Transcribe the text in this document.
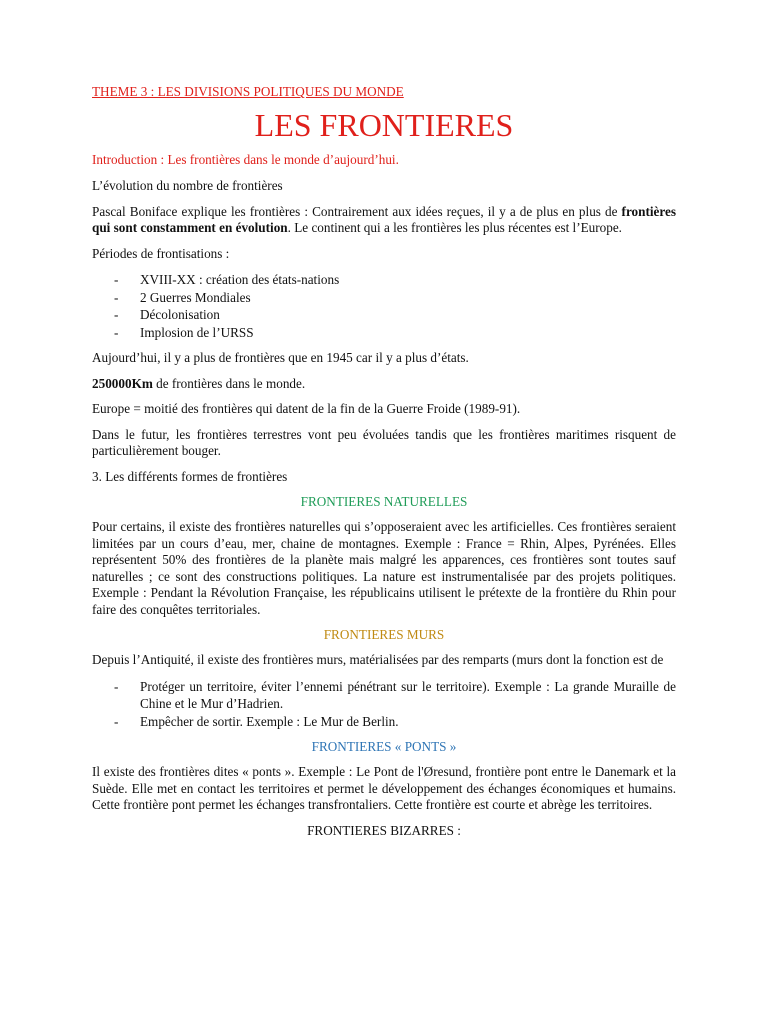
THEME 3 : LES DIVISIONS POLITIQUES DU MONDE
LES FRONTIERES
Introduction : Les frontières dans le monde d’aujourd’hui.

L’évolution du nombre de frontières

Pascal Boniface explique les frontières : Contrairement aux idées reçues, il y a de plus en plus de frontières qui sont constamment en évolution. Le continent qui a les frontières les plus récentes est l’Europe.

Périodes de frontisations :

- XVIII-XX : création des états-nations
- 2 Guerres Mondiales
- Décolonisation
- Implosion de l’URSS

Aujourd’hui, il y a plus de frontières que en 1945 car il y a plus d’états.

250000Km de frontières dans le monde.

Europe = moitié des frontières qui datent de la fin de la Guerre Froide (1989-91).

Dans le futur, les frontières terrestres vont peu évoluées tandis que les frontières maritimes risquent de particulièrement bouger.

3. Les différents formes de frontières

FRONTIERES NATURELLES

Pour certains, il existe des frontières naturelles qui s’opposeraient avec les artificielles. Ces frontières seraient limitées par un cours d’eau, mer, chaine de montagnes. Exemple : France = Rhin, Alpes, Pyrénées. Elles représentent 50% des frontières de la planète mais malgré les apparences, ces frontières sont toutes sauf naturelles ; ce sont des constructions politiques. La nature est instrumentalisée par des projets politiques. Exemple : Pendant la Révolution Française, les républicains utilisent le prétexte de la frontière du Rhin pour faire des conquêtes territoriales.

FRONTIERES MURS

Depuis l’Antiquité, il existe des frontières murs, matérialisées par des remparts (murs dont la fonction est de

- Protéger un territoire, éviter l’ennemi pénétrant sur le territoire). Exemple : La grande Muraille de Chine et le Mur d’Hadrien.
- Empêcher de sortir. Exemple : Le Mur de Berlin.
FRONTIERES « PONTS »

Il existe des frontières dites « ponts ». Exemple : Le Pont de l'Øresund, frontière pont entre le Danemark et la Suède. Elle met en contact les territoires et permet le développement des échanges économiques et humains. Cette frontière pont permet les échanges transfrontaliers. Cette frontière est courte et abrège les territoires.

FRONTIERES BIZARRES :
